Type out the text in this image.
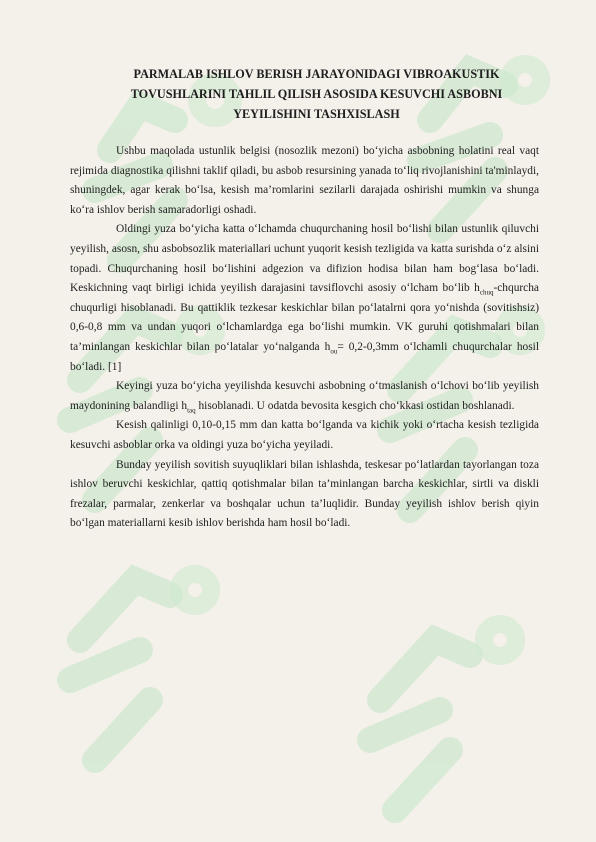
PARMALAB ISHLOV BERISH JARAYONIDAGI VIBROAKUSTIK TOVUSHLARINI TAHLIL QILISH ASOSIDA KESUVCHI ASBOBNI YEYILISHINI TASHXISLASH

Ushbu maqolada ustunlik belgisi (nosozlik mezoni) bo‘yicha asbobning holatini real vaqt rejimida diagnostika qilishni taklif qiladi, bu asbob resursining yanada to‘liq rivojlanishini ta'minlaydi, shuningdek, agar kerak bo‘lsa, kesish ma’romlarini sezilarli darajada oshirishi mumkin va shunga ko‘ra ishlov berish samaradorligi oshadi.

Oldingi yuza bo‘yicha katta o‘lchamda chuqurchaning hosil bo‘lishi bilan ustunlik qiluvchi yeyilish, asosn, shu asbobsozlik materiallari uchunt yuqorit kesish tezligida va katta surishda o‘z alsini topadi. Chuqurchaning hosil bo‘lishini adgezion va difizion hodisa bilan ham bog‘lasa bo‘ladi. Keskichning vaqt birligi ichida yeyilish darajasini tavsiflovchi asosiy o‘lcham bo‘lib $h_{chuq}$-chqurcha chuqurligi hisoblanadi. Bu qattiklik tezkesar keskichlar bilan po‘latalrni qora yo‘nishda (sovitishsiz) 0,6-0,8 mm va undan yuqori o‘lchamlardga ega bo‘lishi mumkin. VK guruhi qotishmalari bilan ta’minlangan keskichlar bilan po‘latalar yo‘nalganda $h_{ou}= 0,2-0,3mm$ o‘lchamli chuqurchalar hosil bo‘ladi. [1]

Keyingi yuza bo‘yicha yeyilishda kesuvchi asbobning o‘tmaslanish o‘lchovi bo‘lib yeyilish maydonining balandligi $h_{taq}$ hisoblanadi. U odatda bevosita kesgich cho‘kkasi ostidan boshlanadi.

Kesish qalinligi 0,10-0,15 mm dan katta bo‘lganda va kichik yoki o‘rtacha kesish tezligida kesuvchi asboblar orka va oldingi yuza bo‘yicha yeyiladi.

Bunday yeyilish sovitish suyuqliklari bilan ishlashda, teskesar po‘latlardan tayorlangan toza ishlov beruvchi keskichlar, qattiq qotishmalar bilan ta’minlangan barcha keskichlar, sirtli va diskli frezalar, parmalar, zenkerlar va boshqalar uchun ta’luqlidir. Bunday yeyilish ishlov berish qiyin bo‘lgan materiallarni kesib ishlov berishda ham hosil bo‘ladi.
